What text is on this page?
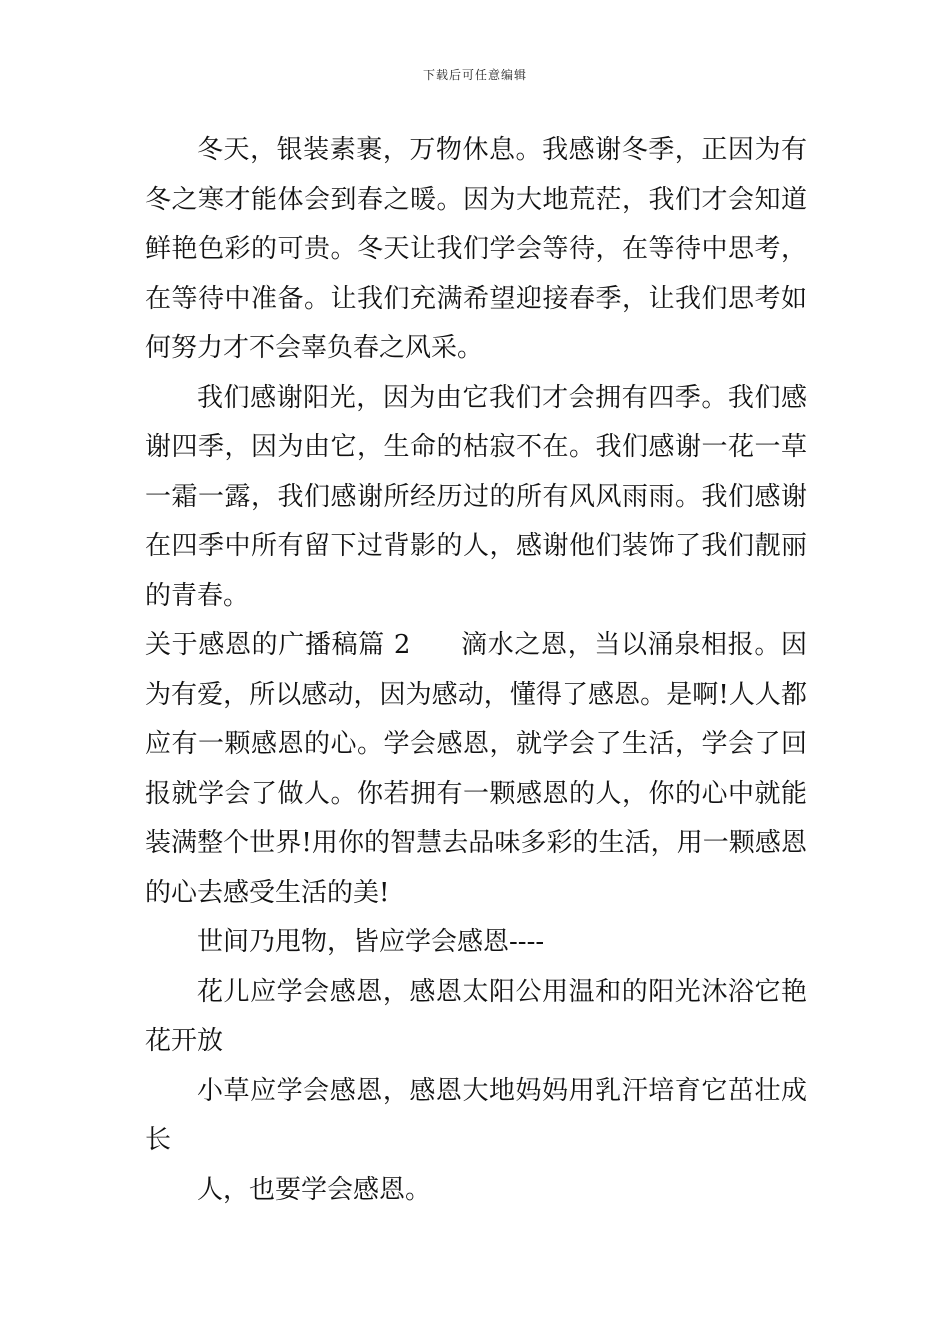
下载后可任意编辑

冬天，银装素裹，万物休息。我感谢冬季，正因为有冬之寒才能体会到春之暖。因为大地荒茫，我们才会知道鲜艳色彩的可贵。冬天让我们学会等待，在等待中思考，在等待中准备。让我们充满希望迎接春季，让我们思考如何努力才不会辜负春之风采。

我们感谢阳光，因为由它我们才会拥有四季。我们感谢四季，因为由它，生命的枯寂不在。我们感谢一花一草一霜一露，我们感谢所经历过的所有风风雨雨。我们感谢在四季中所有留下过背影的人，感谢他们装饰了我们靓丽的青春。

关于感恩的广播稿篇 2 滴水之恩，当以涌泉相报。因为有爱，所以感动，因为感动，懂得了感恩。是啊!人人都应有一颗感恩的心。学会感恩，就学会了生活，学会了回报就学会了做人。你若拥有一颗感恩的人，你的心中就能装满整个世界!用你的智慧去品味多彩的生活，用一颗感恩的心去感受生活的美!

世间乃甩物，皆应学会感恩----

花儿应学会感恩，感恩太阳公用温和的阳光沐浴它艳花开放

小草应学会感恩，感恩大地妈妈用乳汗培育它茁壮成长

人，也要学会感恩。
